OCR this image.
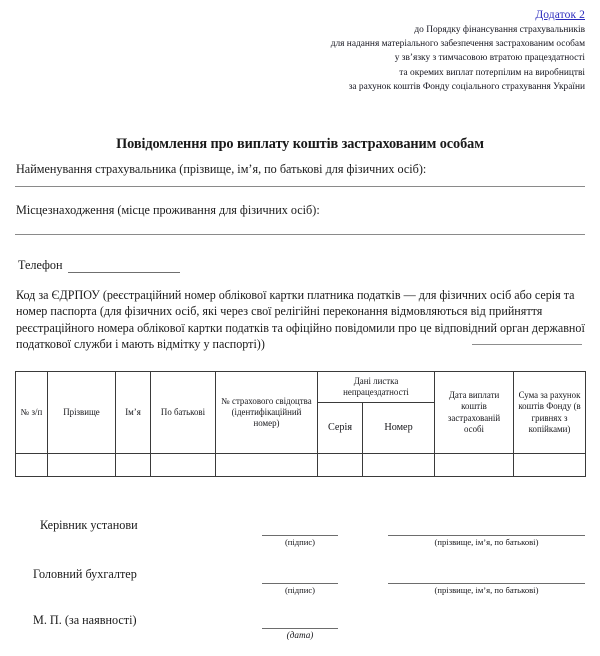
Додаток 2
до Порядку фінансування страхувальників
для надання матеріального забезпечення застрахованим особам
у зв’язку з тимчасовою втратою працездатності
та окремих виплат потерпілим на виробництві
за рахунок коштів Фонду соціального страхування України
Повідомлення про виплату коштів застрахованим особам
Найменування страхувальника (прізвище, ім’я, по батькові для фізичних осіб):
Місцезнаходження (місце проживання для фізичних осіб):
Телефон
Код за ЄДРПОУ (реєстраційний номер облікової картки платника податків — для фізичних осіб або серія та номер паспорта (для фізичних осіб, які через свої релігійні переконання відмовляються від прийняття реєстраційного номера облікової картки податків та офіційно повідомили про це відповідний орган державної податкової служби і мають відмітку у паспорті))
№ з/п	Прізвище	Ім’я	По батькові	№ страхового свідоцтва (ідентифікаційний номер)	Дані листка непрацездатності		Дата виплати коштів застрахованій особі	Сума за рахунок коштів Фонду (в гривнях з копійками)
					Серія	Номер		

Керівник установи
(підпис)	(прізвище, ім’я, по батькові)
Головний бухгалтер
(підпис)	(прізвище, ім’я, по батькові)
М. П. (за наявності)
(дата)
